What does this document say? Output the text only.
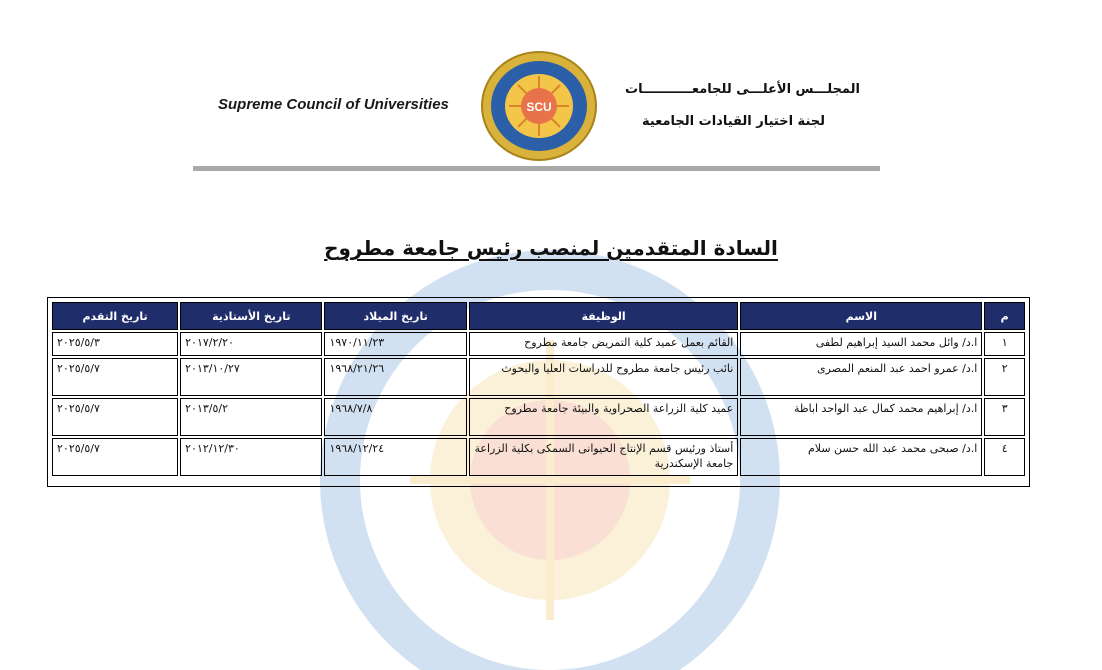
Supreme Council of Universities
المجلـــس الأعلـــى للجامعـــــــــــات
لجنة اختيار القيادات الجامعية
SCU
السادة المتقدمين لمنصب رئيس جامعة مطروح
م	الاسم	الوظيفة	تاريخ الميلاد	تاريخ الأستاذية	تاريخ التقدم
١	ا.د/ وائل محمد السيد إبراهيم لطفى	القائم بعمل عميد كلية التمريض جامعة مطروح	١٩٧٠/١١/٢٣	٢٠١٧/٢/٢٠	٢٠٢٥/٥/٣
٢	ا.د/ عمرو احمد عبد المنعم المصرى	نائب رئيس جامعة مطروح للدراسات العليا والبحوث	١٩٦٨/٢١/٢٦	٢٠١٣/١٠/٢٧	٢٠٢٥/٥/٧
٣	ا.د/ إبراهيم محمد كمال عبد الواحد اباظة	عميد كلية الزراعة الصحراوية والبيئة جامعة مطروح	١٩٦٨/٧/٨	٢٠١٣/٥/٢	٢٠٢٥/٥/٧
٤	ا.د/ صبحى محمد عبد الله حسن سلام	أستاذ ورئيس قسم الإنتاج الحيوانى السمكى بكلية الزراعة جامعة الإسكندرية	١٩٦٨/١٢/٢٤	٢٠١٢/١٢/٣٠	٢٠٢٥/٥/٧
